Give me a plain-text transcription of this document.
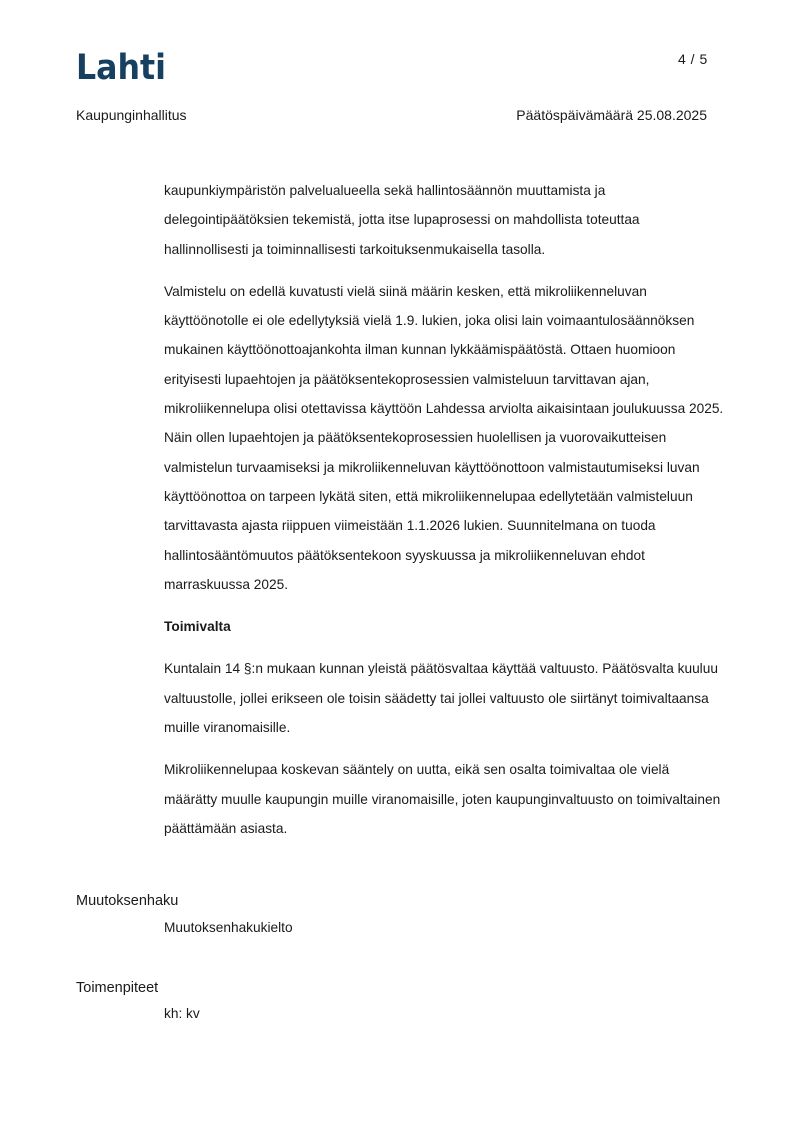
Lahti	4 / 5
Kaupunginhallitus	Päätöspäivämäärä 25.08.2025

kaupunkiympäristön palvelualueella sekä hallintosäännön muuttamista ja delegointipäätöksien tekemistä, jotta itse lupaprosessi on mahdollista toteuttaa hallinnollisesti ja toiminnallisesti tarkoituksenmukaisella tasolla.

Valmistelu on edellä kuvatusti vielä siinä määrin kesken, että mikroliikenneluvan käyttöönotolle ei ole edellytyksiä vielä 1.9. lukien, joka olisi lain voimaantulosäännöksen mukainen käyttöönottoajankohta ilman kunnan lykkäämispäätöstä. Ottaen huomioon erityisesti lupaehtojen ja päätöksentekoprosessien valmisteluun tarvittavan ajan, mikroliikennelupa olisi otettavissa käyttöön Lahdessa arviolta aikaisintaan joulukuussa 2025. Näin ollen lupaehtojen ja päätöksentekoprosessien huolellisen ja vuorovaikutteisen valmistelun turvaamiseksi ja mikroliikenneluvan käyttöönottoon valmistautumiseksi luvan käyttöönottoa on tarpeen lykätä siten, että mikroliikennelupaa edellytetään valmisteluun tarvittavasta ajasta riippuen viimeistään 1.1.2026 lukien. Suunnitelmana on tuoda hallintosääntömuutos päätöksentekoon syyskuussa ja mikroliikenneluvan ehdot marraskuussa 2025.

Toimivalta

Kuntalain 14 §:n mukaan kunnan yleistä päätösvaltaa käyttää valtuusto. Päätösvalta kuuluu valtuustolle, jollei erikseen ole toisin säädetty tai jollei valtuusto ole siirtänyt toimivaltaansa muille viranomaisille.

Mikroliikennelupaa koskevan sääntely on uutta, eikä sen osalta toimivaltaa ole vielä määrätty muulle kaupungin muille viranomaisille, joten kaupunginvaltuusto on toimivaltainen päättämään asiasta.

Muutoksenhaku
Muutoksenhakukielto
Toimenpiteet
kh: kv
